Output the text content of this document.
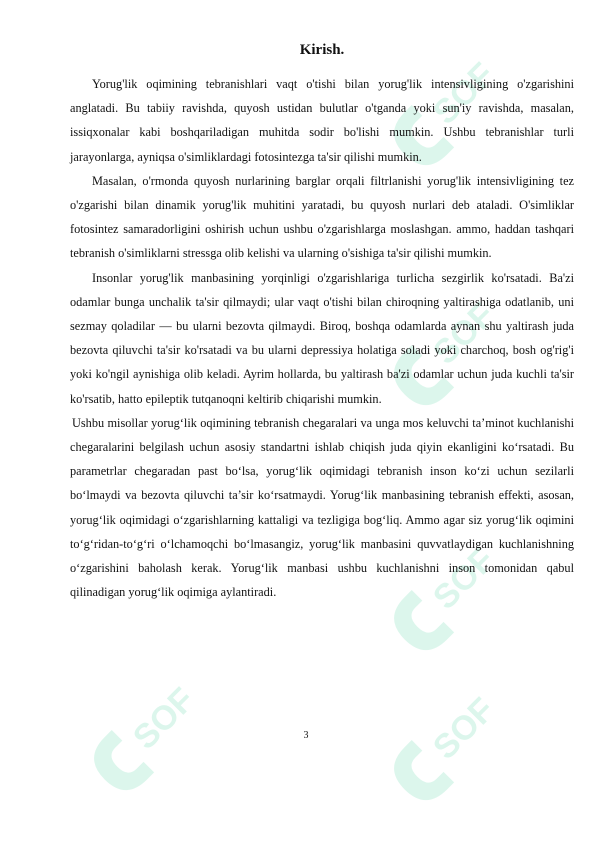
SOF
SOF
SOF
SOF	SOF
Kirish.

Yorug'lik oqimining tebranishlari vaqt o'tishi bilan yorug'lik intensivligining o'zgarishini anglatadi. Bu tabiiy ravishda, quyosh ustidan bulutlar o'tganda yoki sun'iy ravishda, masalan, issiqxonalar kabi boshqariladigan muhitda sodir bo'lishi mumkin. Ushbu tebranishlar turli jarayonlarga, ayniqsa o'simliklardagi fotosintezga ta'sir qilishi mumkin.

Masalan, o'rmonda quyosh nurlarining barglar orqali filtrlanishi yorug'lik intensivligining tez o'zgarishi bilan dinamik yorug'lik muhitini yaratadi, bu quyosh nurlari deb ataladi. O'simliklar fotosintez samaradorligini oshirish uchun ushbu o'zgarishlarga moslashgan. ammo, haddan tashqari tebranish o'simliklarni stressga olib kelishi va ularning o'sishiga ta'sir qilishi mumkin.

Insonlar yorug'lik manbasining yorqinligi o'zgarishlariga turlicha sezgirlik ko'rsatadi. Ba'zi odamlar bunga unchalik ta'sir qilmaydi; ular vaqt o'tishi bilan chiroqning yaltirashiga odatlanib, uni sezmay qoladilar — bu ularni bezovta qilmaydi. Biroq, boshqa odamlarda aynan shu yaltirash juda bezovta qiluvchi ta'sir ko'rsatadi va bu ularni depressiya holatiga soladi yoki charchoq, bosh og'rig'i yoki ko'ngil aynishiga olib keladi. Ayrim hollarda, bu yaltirash ba'zi odamlar uchun juda kuchli ta'sir ko'rsatib, hatto epileptik tutqanoqni keltirib chiqarishi mumkin.

Ushbu misollar yorug‘lik oqimining tebranish chegaralari va unga mos keluvchi ta’minot kuchlanishi chegaralarini belgilash uchun asosiy standartni ishlab chiqish juda qiyin ekanligini ko‘rsatadi. Bu parametrlar chegaradan past bo‘lsa, yorug‘lik oqimidagi tebranish inson ko‘zi uchun sezilarli bo‘lmaydi va bezovta qiluvchi ta’sir ko‘rsatmaydi. Yorug‘lik manbasining tebranish effekti, asosan, yorug‘lik oqimidagi o‘zgarishlarning kattaligi va tezligiga bog‘liq. Ammo agar siz yorug‘lik oqimini to‘g‘ridan-to‘g‘ri o‘lchamoqchi bo‘lmasangiz, yorug‘lik manbasini quvvatlaydigan kuchlanishning o‘zgarishini baholash kerak. Yorug‘lik manbasi ushbu kuchlanishni inson tomonidan qabul qilinadigan yorug‘lik oqimiga aylantiradi.

3
